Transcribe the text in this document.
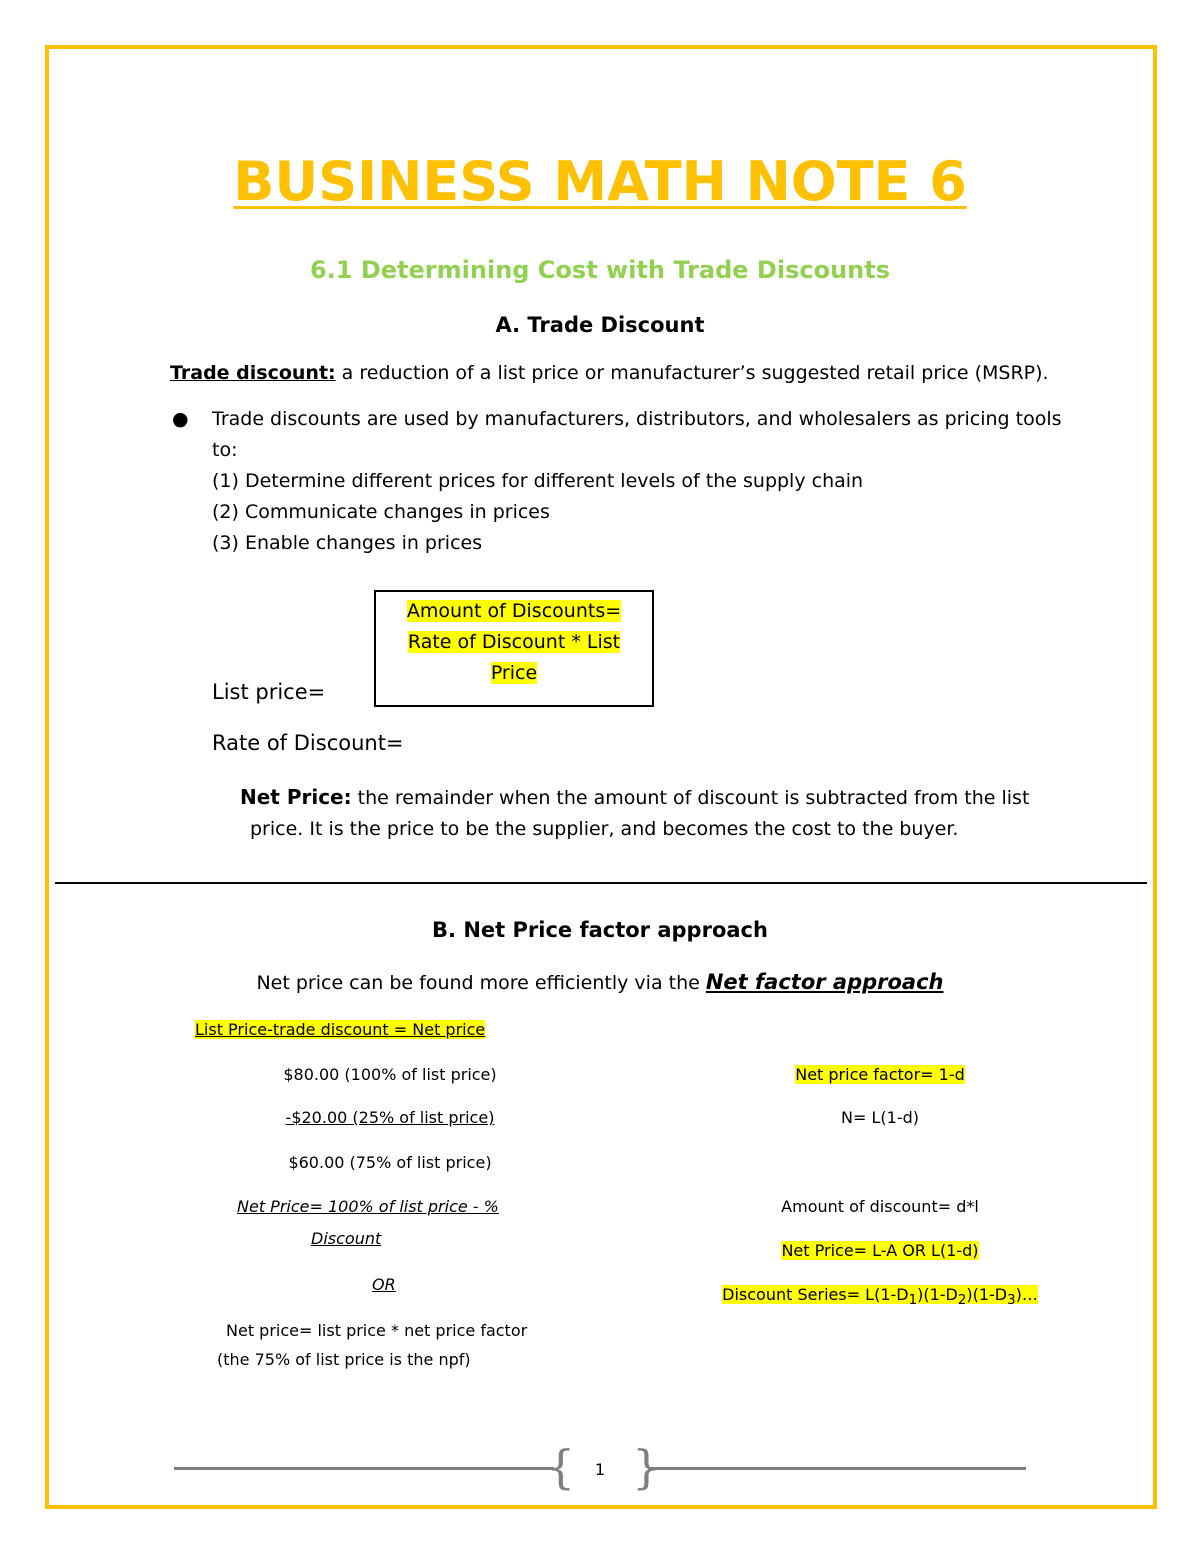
BUSINESS MATH NOTE 6
6.1 Determining Cost with Trade Discounts
A. Trade Discount
Trade discount: a reduction of a list price or manufacturer’s suggested retail price (MSRP).
● Trade discounts are used by manufacturers, distributors, and wholesalers as pricing tools
to:
(1) Determine different prices for different levels of the supply chain
(2) Communicate changes in prices
(3) Enable changes in prices
Amount of Discounts=
Rate of Discount * List
Price
List price=
Rate of Discount=
Net Price: the remainder when the amount of discount is subtracted from the list
price. It is the price to be the supplier, and becomes the cost to the buyer.
B. Net Price factor approach
Net price can be found more efficiently via the Net factor approach
List Price-trade discount = Net price
$80.00 (100% of list price)
-$20.00 (25% of list price)
$60.00 (75% of list price)
Net Price= 100% of list price - %
Discount
OR
Net price= list price * net price factor
(the 75% of list price is the npf)
Net price factor= 1-d
N= L(1-d)
Amount of discount= d*l
Net Price= L-A OR L(1-d)
Discount Series= $L(1-D_1)(1-D_2)(1-D_3)\dots$
{ }
1
